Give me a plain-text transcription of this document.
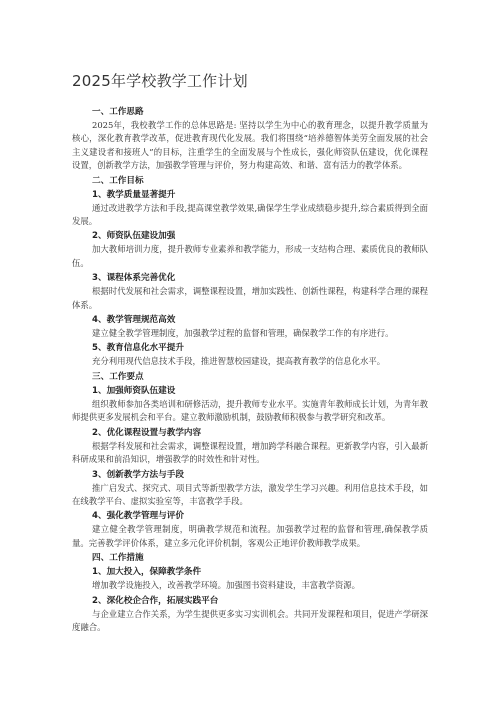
2025年学校教学工作计划

一、工作思路

2025年，我校教学工作的总体思路是: 坚持以学生为中心的教育理念，以提升教学质量为核心，深化教育教学改革，促进教育现代化发展。我们将围绕“培养德智体美劳全面发展的社会主义建设者和接班人”的目标，注重学生的全面发展与个性成长，强化师资队伍建设，优化课程设置，创新教学方法，加强教学管理与评价，努力构建高效、和谐、富有活力的教学体系。

二、工作目标

1、教学质量显著提升

通过改进教学方法和手段,提高课堂教学效果,确保学生学业成绩稳步提升,综合素质得到全面发展。

2、师资队伍建设加强

加大教师培训力度，提升教师专业素养和教学能力，形成一支结构合理、素质优良的教师队伍。

3、课程体系完善优化

根据时代发展和社会需求，调整课程设置，增加实践性、创新性课程，构建科学合理的课程体系。

4、教学管理规范高效

建立健全教学管理制度，加强教学过程的监督和管理，确保教学工作的有序进行。

5、教育信息化水平提升

充分利用现代信息技术手段，推进智慧校园建设，提高教育教学的信息化水平。

三、工作要点

1、加强师资队伍建设

组织教师参加各类培训和研修活动，提升教师专业水平。实施青年教师成长计划，为青年教师提供更多发展机会和平台。建立教师激励机制，鼓励教师积极参与教学研究和改革。

2、优化课程设置与教学内容

根据学科发展和社会需求，调整课程设置，增加跨学科融合课程。更新教学内容，引入最新科研成果和前沿知识，增强教学的时效性和针对性。

3、创新教学方法与手段

推广启发式、探究式、项目式等新型教学方法，激发学生学习兴趣。利用信息技术手段，如在线教学平台、虚拟实验室等，丰富教学手段。

4、强化教学管理与评价

建立健全教学管理制度，明确教学规范和流程。加强教学过程的监督和管理,确保教学质量。完善教学评价体系，建立多元化评价机制，客观公正地评价教师教学成果。

四、工作措施

1、加大投入，保障教学条件

增加教学设施投入，改善教学环境。加强图书资料建设，丰富教学资源。

2、深化校企合作，拓展实践平台

与企业建立合作关系，为学生提供更多实习实训机会。共同开发课程和项目，促进产学研深度融合。
